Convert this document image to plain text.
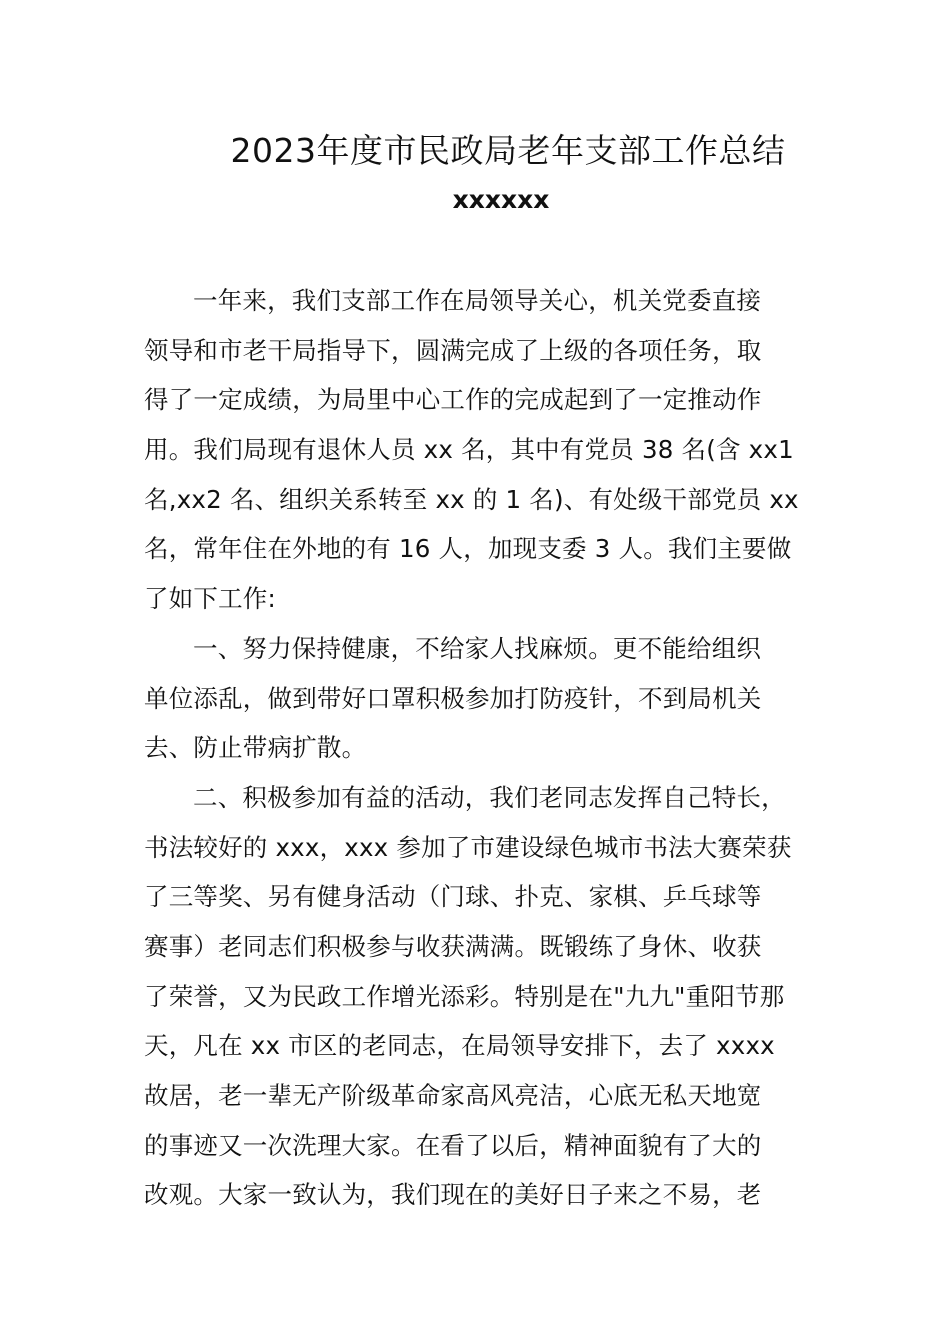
2023年度市民政局老年支部工作总结
xxxxxx
一年来，我们支部工作在局领导关心，机关党委直接
领导和市老干局指导下，圆满完成了上级的各项任务，取
得了一定成绩，为局里中心工作的完成起到了一定推动作
用。我们局现有退休人员 xx 名，其中有党员 38 名(含 xx1
名,xx2 名、组织关系转至 xx 的 1 名)、有处级干部党员 xx
名，常年住在外地的有 16 人，加现支委 3 人。我们主要做
了如下工作:
一、努力保持健康，不给家人找麻烦。更不能给组织
单位添乱，做到带好口罩积极参加打防疫针，不到局机关
去、防止带病扩散。
二、积极参加有益的活动，我们老同志发挥自己特长，
书法较好的 xxx，xxx 参加了市建设绿色城市书法大赛荣获
了三等奖、另有健身活动（门球、扑克、家棋、乒乓球等
赛事）老同志们积极参与收获满满。既锻练了身休、收获
了荣誉，又为民政工作增光添彩。特别是在"九九"重阳节那
天，凡在 xx 市区的老同志，在局领导安排下，去了 xxxx
故居，老一辈无产阶级革命家高风亮洁，心底无私天地宽
的事迹又一次洗理大家。在看了以后，精神面貌有了大的
改观。大家一致认为，我们现在的美好日子来之不易，老
